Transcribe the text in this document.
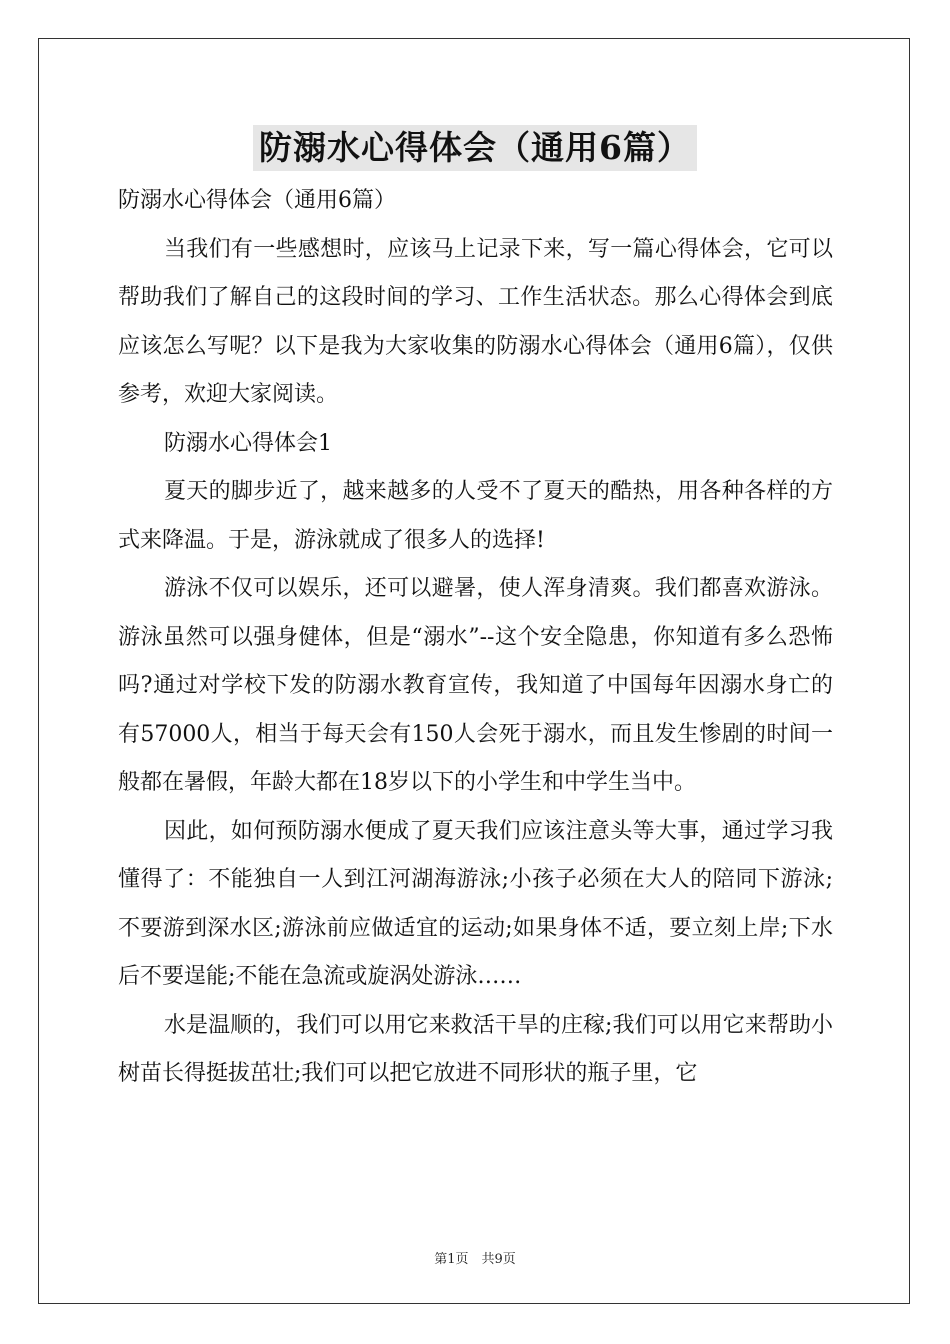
防溺水心得体会（通用6篇）

防溺水心得体会（通用6篇）

当我们有一些感想时，应该马上记录下来，写一篇心得体会，它可以帮助我们了解自己的这段时间的学习、工作生活状态。那么心得体会到底应该怎么写呢？以下是我为大家收集的防溺水心得体会（通用6篇），仅供参考，欢迎大家阅读。

防溺水心得体会1

夏天的脚步近了，越来越多的人受不了夏天的酷热，用各种各样的方式来降温。于是，游泳就成了很多人的选择!

游泳不仅可以娱乐，还可以避暑，使人浑身清爽。我们都喜欢游泳。游泳虽然可以强身健体，但是“溺水”--这个安全隐患，你知道有多么恐怖吗?通过对学校下发的防溺水教育宣传，我知道了中国每年因溺水身亡的有57000人，相当于每天会有150人会死于溺水，而且发生惨剧的时间一般都在暑假，年龄大都在18岁以下的小学生和中学生当中。

因此，如何预防溺水便成了夏天我们应该注意头等大事，通过学习我懂得了：不能独自一人到江河湖海游泳;小孩子必须在大人的陪同下游泳;不要游到深水区;游泳前应做适宜的运动;如果身体不适，要立刻上岸;下水后不要逞能;不能在急流或旋涡处游泳……

水是温顺的，我们可以用它来救活干旱的庄稼;我们可以用它来帮助小树苗长得挺拔茁壮;我们可以把它放进不同形状的瓶子里，它

第1页　共9页
